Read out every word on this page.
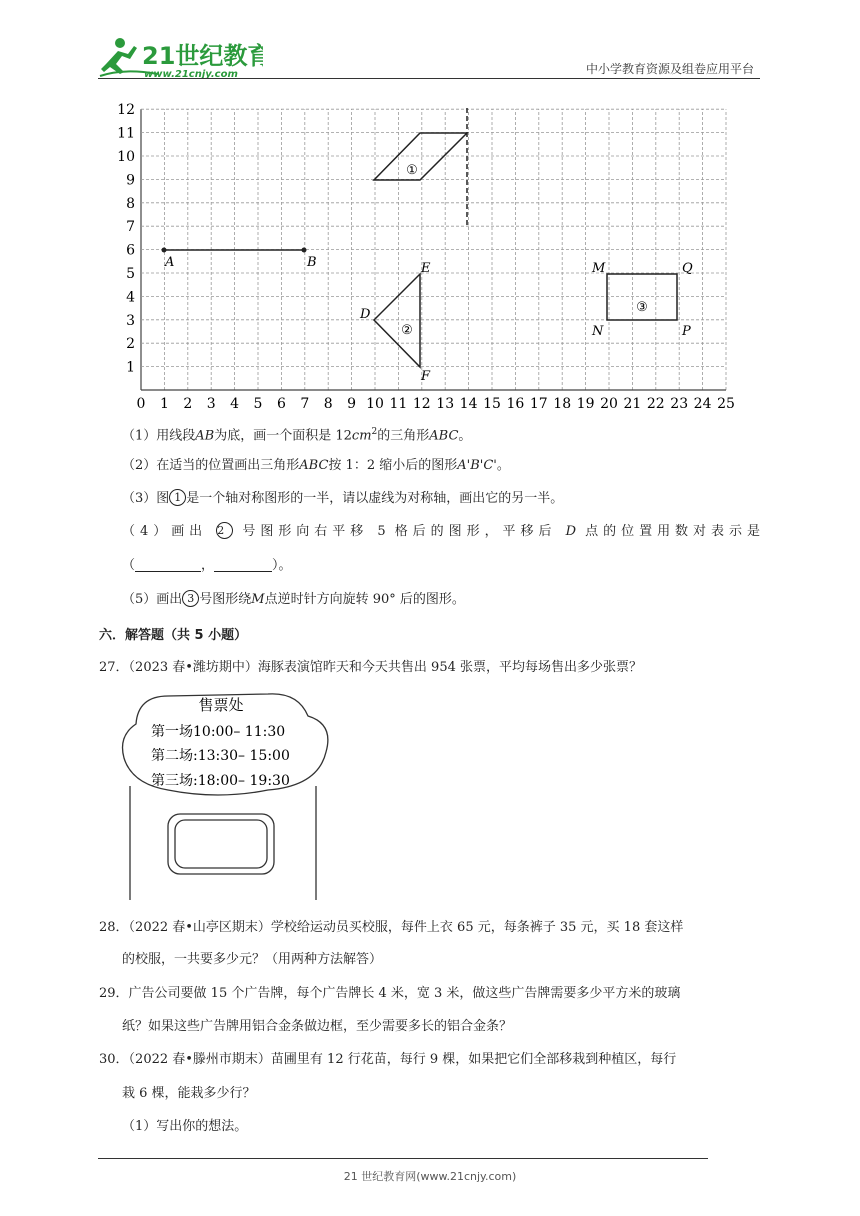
21世纪教育
www.21cnjy.com	中小学教育资源及组卷应用平台
0 1 2 3 4 5 6 7 8 9 10 11 12 13 14 15 16 17 18 19 20 21 22 23 24 25
1
2
3
4
5
6
7
8
9
10
11
12
A	B
①
D
E
F
②
M	Q
N	P
③
（1）用线段AB为底，画一个面积是 $12cm^2$的三角形ABC。
（2）在适当的位置画出三角形ABC按 1：2 缩小后的图形A'B'C'。
（3）图 1 是一个轴对称图形的一半，请以虚线为对称轴，画出它的另一半。
（4）画出 2 号图形向右平移 5 格后的图形，平移后 D 点的位置用数对表示是
（	，	）。
（5）画出 3 号图形绕M点逆时针方向旋转 90° 后的图形。
六．解答题（共 5 小题）
27．（2023 春•潍坊期中）海豚表演馆昨天和今天共售出 954 张票，平均每场售出多少张票？
售票处
第一场10:00– 11:30
第二场:13:30– 15:00
第三场:18:00– 19:30
28．（2022 春•山亭区期末）学校给运动员买校服，每件上衣 65 元，每条裤子 35 元，买 18 套这样
的校服，一共要多少元？（用两种方法解答）
29．广告公司要做 15 个广告牌，每个广告牌长 4 米，宽 3 米，做这些广告牌需要多少平方米的玻璃
纸？如果这些广告牌用铝合金条做边框，至少需要多长的铝合金条？
30．（2022 春•滕州市期末）苗圃里有 12 行花苗，每行 9 棵，如果把它们全部移栽到种植区，每行
栽 6 棵，能栽多少行？
（1）写出你的想法。
21 世纪教育网(www.21cnjy.com)
